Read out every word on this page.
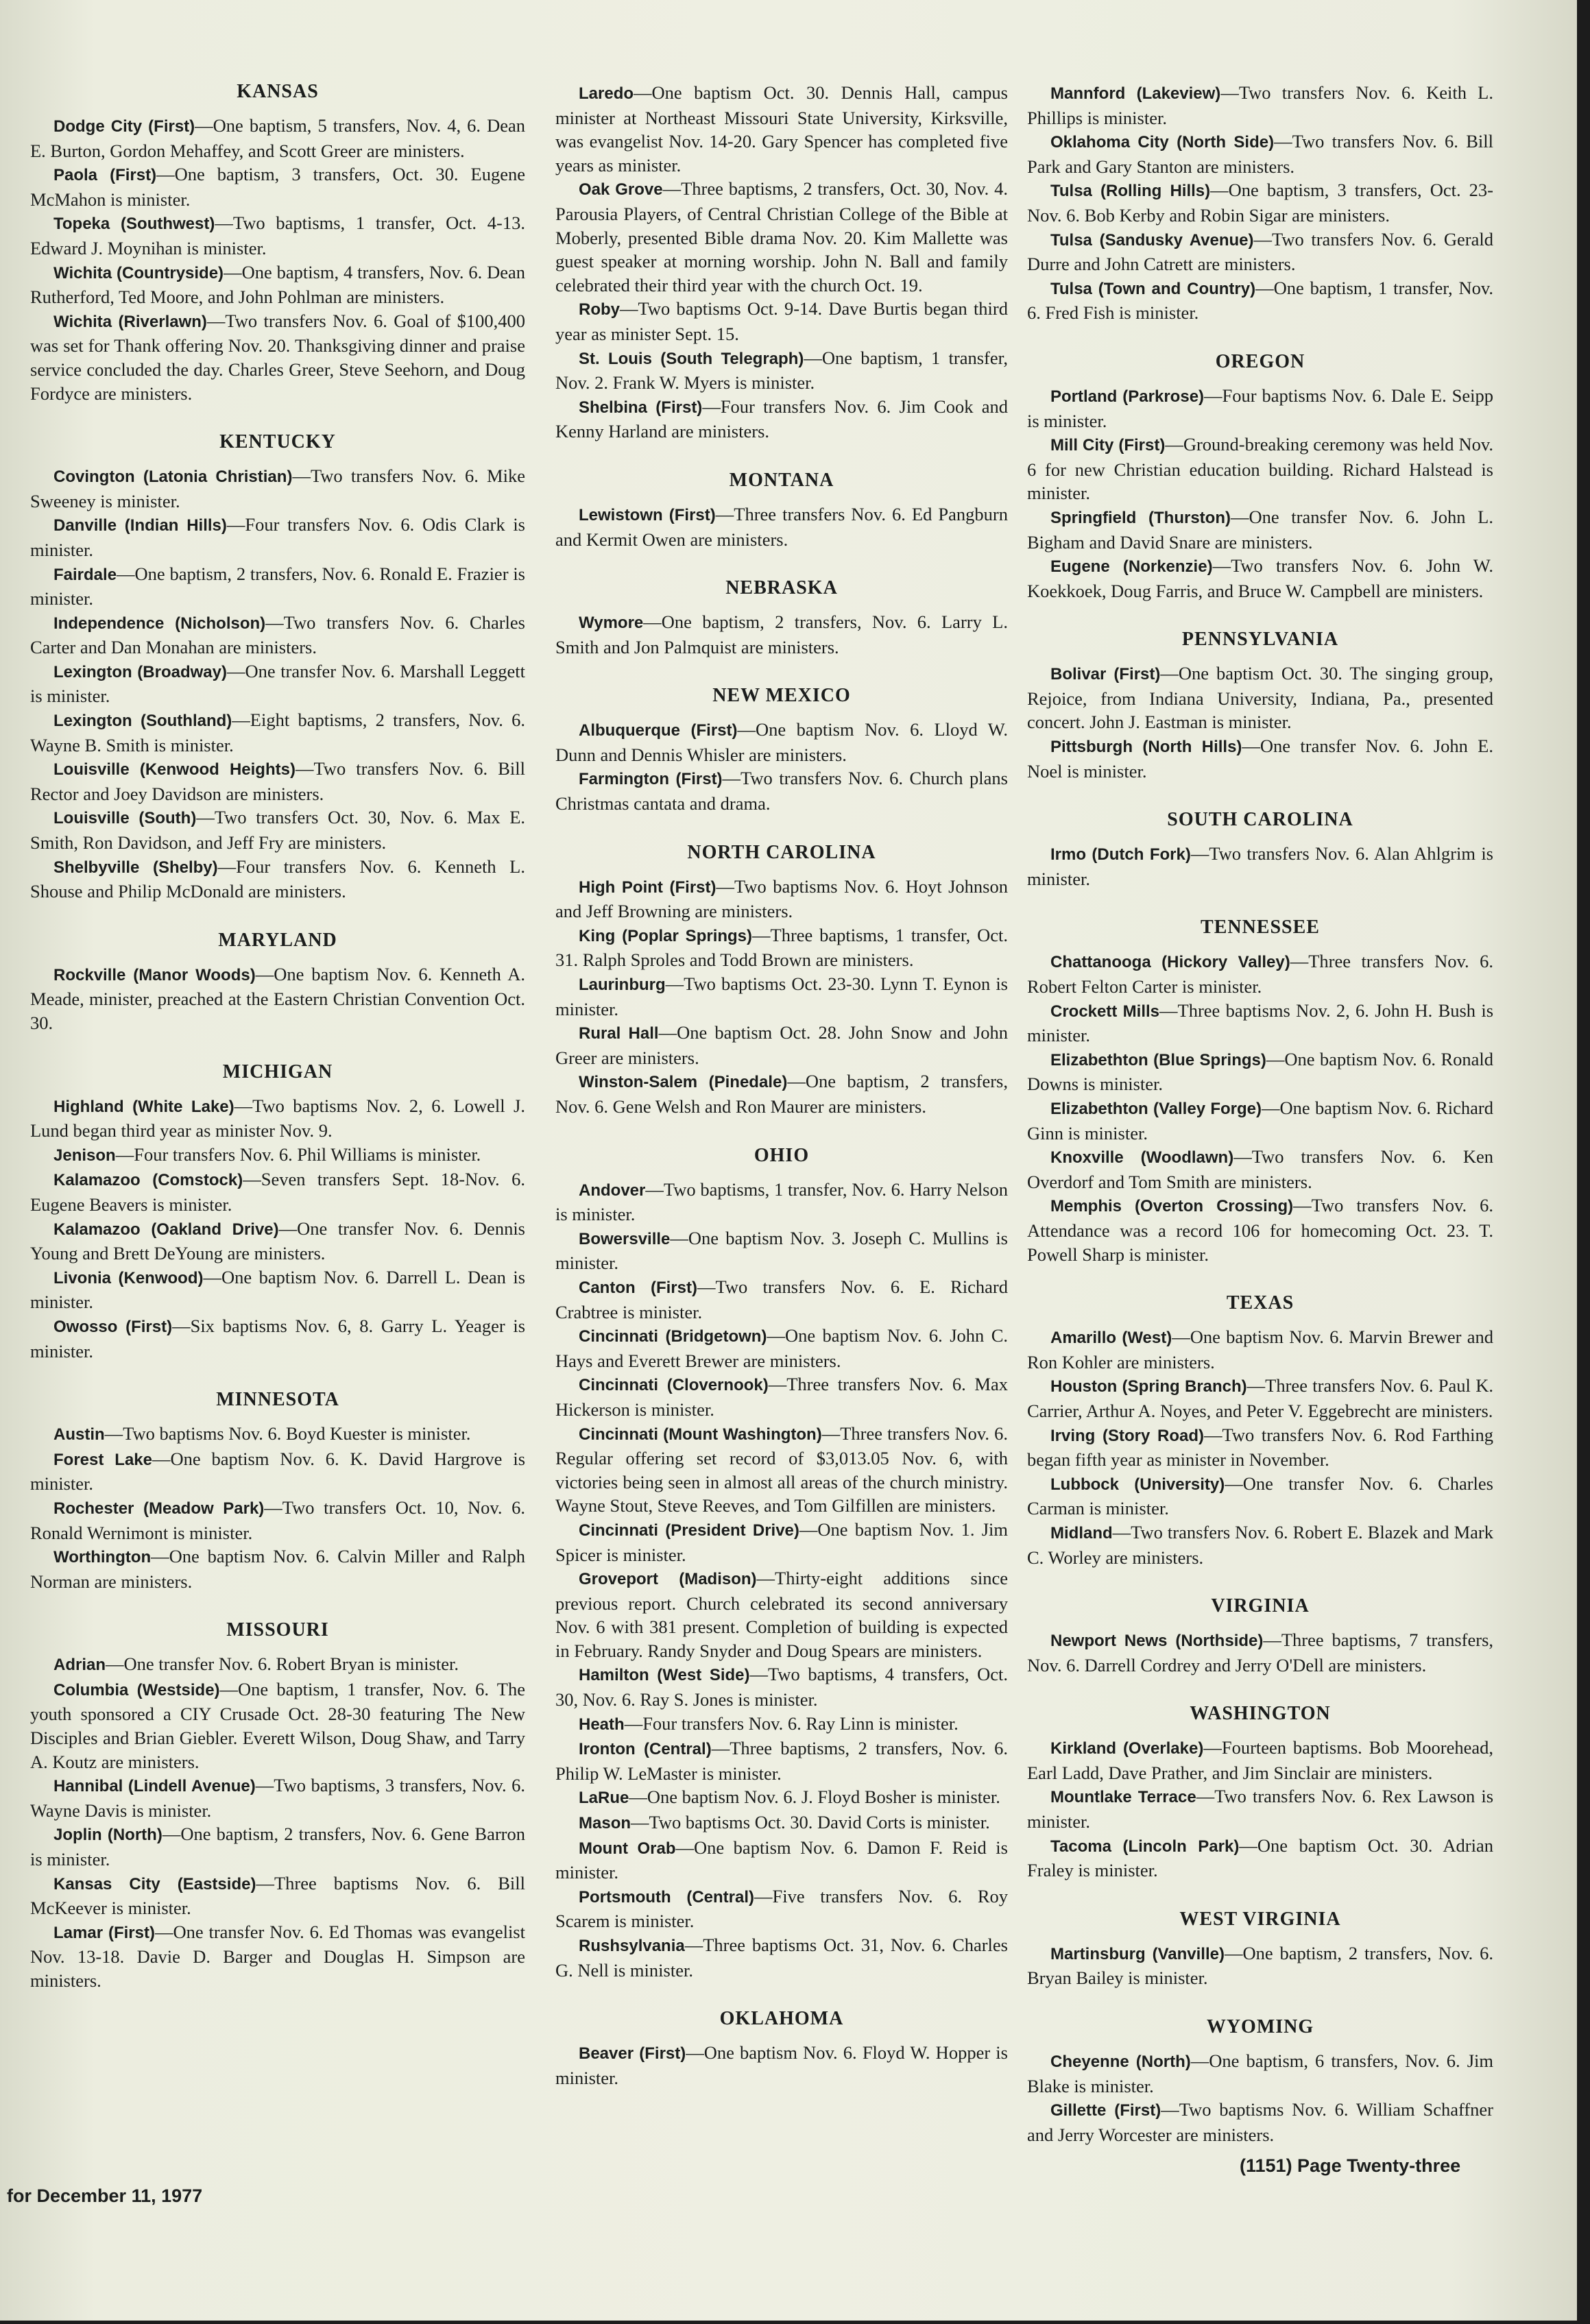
KANSAS

Dodge City (First)—One baptism, 5 transfers, Nov. 4, 6. Dean E. Burton, Gordon Mehaffey, and Scott Greer are ministers.

Paola (First)—One baptism, 3 transfers, Oct. 30. Eugene McMahon is minister.

Topeka (Southwest)—Two baptisms, 1 transfer, Oct. 4-13. Edward J. Moynihan is minister.

Wichita (Countryside)—One baptism, 4 transfers, Nov. 6. Dean Rutherford, Ted Moore, and John Pohlman are ministers.

Wichita (Riverlawn)—Two transfers Nov. 6. Goal of $100,400 was set for Thank offering Nov. 20. Thanksgiving dinner and praise service concluded the day. Charles Greer, Steve Seehorn, and Doug Fordyce are ministers.

KENTUCKY

Covington (Latonia Christian)—Two transfers Nov. 6. Mike Sweeney is minister.

Danville (Indian Hills)—Four transfers Nov. 6. Odis Clark is minister.

Fairdale—One baptism, 2 transfers, Nov. 6. Ronald E. Frazier is minister.

Independence (Nicholson)—Two transfers Nov. 6. Charles Carter and Dan Monahan are ministers.

Lexington (Broadway)—One transfer Nov. 6. Marshall Leggett is minister.

Lexington (Southland)—Eight baptisms, 2 transfers, Nov. 6. Wayne B. Smith is minister.

Louisville (Kenwood Heights)—Two transfers Nov. 6. Bill Rector and Joey Davidson are ministers.

Louisville (South)—Two transfers Oct. 30, Nov. 6. Max E. Smith, Ron Davidson, and Jeff Fry are ministers.

Shelbyville (Shelby)—Four transfers Nov. 6. Kenneth L. Shouse and Philip McDonald are ministers.

MARYLAND

Rockville (Manor Woods)—One baptism Nov. 6. Kenneth A. Meade, minister, preached at the Eastern Christian Convention Oct. 30.

MICHIGAN

Highland (White Lake)—Two baptisms Nov. 2, 6. Lowell J. Lund began third year as minister Nov. 9.

Jenison—Four transfers Nov. 6. Phil Williams is minister.

Kalamazoo (Comstock)—Seven transfers Sept. 18-Nov. 6. Eugene Beavers is minister.

Kalamazoo (Oakland Drive)—One transfer Nov. 6. Dennis Young and Brett DeYoung are ministers.

Livonia (Kenwood)—One baptism Nov. 6. Darrell L. Dean is minister.

Owosso (First)—Six baptisms Nov. 6, 8. Garry L. Yeager is minister.

MINNESOTA

Austin—Two baptisms Nov. 6. Boyd Kuester is minister.

Forest Lake—One baptism Nov. 6. K. David Hargrove is minister.

Rochester (Meadow Park)—Two transfers Oct. 10, Nov. 6. Ronald Wernimont is minister.

Worthington—One baptism Nov. 6. Calvin Miller and Ralph Norman are ministers.

MISSOURI

Adrian—One transfer Nov. 6. Robert Bryan is minister.

Columbia (Westside)—One baptism, 1 transfer, Nov. 6. The youth sponsored a CIY Crusade Oct. 28-30 featuring The New Disciples and Brian Giebler. Everett Wilson, Doug Shaw, and Tarry A. Koutz are ministers.

Hannibal (Lindell Avenue)—Two baptisms, 3 transfers, Nov. 6. Wayne Davis is minister.

Joplin (North)—One baptism, 2 transfers, Nov. 6. Gene Barron is minister.

Kansas City (Eastside)—Three baptisms Nov. 6. Bill McKeever is minister.

Lamar (First)—One transfer Nov. 6. Ed Thomas was evangelist Nov. 13-18. Davie D. Barger and Douglas H. Simpson are ministers.

Laredo—One baptism Oct. 30. Dennis Hall, campus minister at Northeast Missouri State University, Kirksville, was evangelist Nov. 14-20. Gary Spencer has completed five years as minister.

Oak Grove—Three baptisms, 2 transfers, Oct. 30, Nov. 4. Parousia Players, of Central Christian College of the Bible at Moberly, presented Bible drama Nov. 20. Kim Mallette was guest speaker at morning worship. John N. Ball and family celebrated their third year with the church Oct. 19.

Roby—Two baptisms Oct. 9-14. Dave Burtis began third year as minister Sept. 15.

St. Louis (South Telegraph)—One baptism, 1 transfer, Nov. 2. Frank W. Myers is minister.

Shelbina (First)—Four transfers Nov. 6. Jim Cook and Kenny Harland are ministers.

MONTANA

Lewistown (First)—Three transfers Nov. 6. Ed Pangburn and Kermit Owen are ministers.

NEBRASKA

Wymore—One baptism, 2 transfers, Nov. 6. Larry L. Smith and Jon Palmquist are ministers.

NEW MEXICO

Albuquerque (First)—One baptism Nov. 6. Lloyd W. Dunn and Dennis Whisler are ministers.

Farmington (First)—Two transfers Nov. 6. Church plans Christmas cantata and drama.

NORTH CAROLINA

High Point (First)—Two baptisms Nov. 6. Hoyt Johnson and Jeff Browning are ministers.

King (Poplar Springs)—Three baptisms, 1 transfer, Oct. 31. Ralph Sproles and Todd Brown are ministers.

Laurinburg—Two baptisms Oct. 23-30. Lynn T. Eynon is minister.

Rural Hall—One baptism Oct. 28. John Snow and John Greer are ministers.

Winston-Salem (Pinedale)—One baptism, 2 transfers, Nov. 6. Gene Welsh and Ron Maurer are ministers.

OHIO

Andover—Two baptisms, 1 transfer, Nov. 6. Harry Nelson is minister.

Bowersville—One baptism Nov. 3. Joseph C. Mullins is minister.

Canton (First)—Two transfers Nov. 6. E. Richard Crabtree is minister.

Cincinnati (Bridgetown)—One baptism Nov. 6. John C. Hays and Everett Brewer are ministers.

Cincinnati (Clovernook)—Three transfers Nov. 6. Max Hickerson is minister.

Cincinnati (Mount Washington)—Three transfers Nov. 6. Regular offering set record of $3,013.05 Nov. 6, with victories being seen in almost all areas of the church ministry. Wayne Stout, Steve Reeves, and Tom Gilfillen are ministers.

Cincinnati (President Drive)—One baptism Nov. 1. Jim Spicer is minister.

Groveport (Madison)—Thirty-eight additions since previous report. Church celebrated its second anniversary Nov. 6 with 381 present. Completion of building is expected in February. Randy Snyder and Doug Spears are ministers.

Hamilton (West Side)—Two baptisms, 4 transfers, Oct. 30, Nov. 6. Ray S. Jones is minister.

Heath—Four transfers Nov. 6. Ray Linn is minister.

Ironton (Central)—Three baptisms, 2 transfers, Nov. 6. Philip W. LeMaster is minister.

LaRue—One baptism Nov. 6. J. Floyd Bosher is minister.

Mason—Two baptisms Oct. 30. David Corts is minister.

Mount Orab—One baptism Nov. 6. Damon F. Reid is minister.

Portsmouth (Central)—Five transfers Nov. 6. Roy Scarem is minister.

Rushsylvania—Three baptisms Oct. 31, Nov. 6. Charles G. Nell is minister.

OKLAHOMA

Beaver (First)—One baptism Nov. 6. Floyd W. Hopper is minister.

Mannford (Lakeview)—Two transfers Nov. 6. Keith L. Phillips is minister.

Oklahoma City (North Side)—Two transfers Nov. 6. Bill Park and Gary Stanton are ministers.

Tulsa (Rolling Hills)—One baptism, 3 transfers, Oct. 23-Nov. 6. Bob Kerby and Robin Sigar are ministers.

Tulsa (Sandusky Avenue)—Two transfers Nov. 6. Gerald Durre and John Catrett are ministers.

Tulsa (Town and Country)—One baptism, 1 transfer, Nov. 6. Fred Fish is minister.

OREGON

Portland (Parkrose)—Four baptisms Nov. 6. Dale E. Seipp is minister.

Mill City (First)—Ground-breaking ceremony was held Nov. 6 for new Christian education building. Richard Halstead is minister.

Springfield (Thurston)—One transfer Nov. 6. John L. Bigham and David Snare are ministers.

Eugene (Norkenzie)—Two transfers Nov. 6. John W. Koekkoek, Doug Farris, and Bruce W. Campbell are ministers.

PENNSYLVANIA

Bolivar (First)—One baptism Oct. 30. The singing group, Rejoice, from Indiana University, Indiana, Pa., presented concert. John J. Eastman is minister.

Pittsburgh (North Hills)—One transfer Nov. 6. John E. Noel is minister.

SOUTH CAROLINA

Irmo (Dutch Fork)—Two transfers Nov. 6. Alan Ahlgrim is minister.

TENNESSEE

Chattanooga (Hickory Valley)—Three transfers Nov. 6. Robert Felton Carter is minister.

Crockett Mills—Three baptisms Nov. 2, 6. John H. Bush is minister.

Elizabethton (Blue Springs)—One baptism Nov. 6. Ronald Downs is minister.

Elizabethton (Valley Forge)—One baptism Nov. 6. Richard Ginn is minister.

Knoxville (Woodlawn)—Two transfers Nov. 6. Ken Overdorf and Tom Smith are ministers.

Memphis (Overton Crossing)—Two transfers Nov. 6. Attendance was a record 106 for homecoming Oct. 23. T. Powell Sharp is minister.

TEXAS

Amarillo (West)—One baptism Nov. 6. Marvin Brewer and Ron Kohler are ministers.

Houston (Spring Branch)—Three transfers Nov. 6. Paul K. Carrier, Arthur A. Noyes, and Peter V. Eggebrecht are ministers.

Irving (Story Road)—Two transfers Nov. 6. Rod Farthing began fifth year as minister in November.

Lubbock (University)—One transfer Nov. 6. Charles Carman is minister.

Midland—Two transfers Nov. 6. Robert E. Blazek and Mark C. Worley are ministers.

VIRGINIA

Newport News (Northside)—Three baptisms, 7 transfers, Nov. 6. Darrell Cordrey and Jerry O'Dell are ministers.

WASHINGTON

Kirkland (Overlake)—Fourteen baptisms. Bob Moorehead, Earl Ladd, Dave Prather, and Jim Sinclair are ministers.

Mountlake Terrace—Two transfers Nov. 6. Rex Lawson is minister.

Tacoma (Lincoln Park)—One baptism Oct. 30. Adrian Fraley is minister.

WEST VIRGINIA

Martinsburg (Vanville)—One baptism, 2 transfers, Nov. 6. Bryan Bailey is minister.

WYOMING

Cheyenne (North)—One baptism, 6 transfers, Nov. 6. Jim Blake is minister.

Gillette (First)—Two baptisms Nov. 6. William Schaffner and Jerry Worcester are ministers.

for December 11, 1977
(1151) Page Twenty-three
